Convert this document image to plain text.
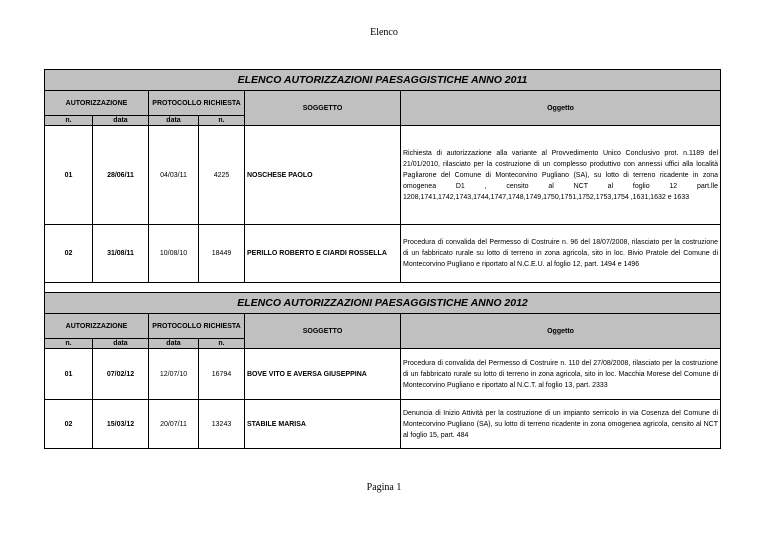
Elenco
ELENCO AUTORIZZAZIONI PAESAGGISTICHE ANNO 2011					
AUTORIZZAZIONE		PROTOCOLLO RICHIESTA		SOGGETTO	Oggetto
n.	data	data	n.		
01	28/06/11	04/03/11	4225	NOSCHESE PAOLO	Richiesta di autorizzazione alla variante al Provvedimento Unico Conclusivo prot. n.1189 del 21/01/2010, rilasciato per la costruzione di un complesso produttivo con annessi uffici alla località Pagliarone del Comune di Montecorvino Pugliano (SA), su lotto di terreno ricadente in zona omogenea D1 , censito al NCT al foglio 12 part.lle 1208,1741,1742,1743,1744,1747,1748,1749,1750,1751,1752,1753,1754 ,1631,1632 e 1633
02	31/08/11	10/08/10	18449	PERILLO ROBERTO E CIARDI ROSSELLA	Procedura di convalida del Permesso di Costruire n. 96 del 18/07/2008, rilasciato per la costruzione di un fabbricato rurale su lotto di terreno in zona agricola, sito in loc. Bivio Pratole del Comune di Montecorvino Pugliano e riportato al N.C.E.U. al foglio 12, part. 1494 e 1496

ELENCO AUTORIZZAZIONI PAESAGGISTICHE ANNO 2012					
AUTORIZZAZIONE		PROTOCOLLO RICHIESTA		SOGGETTO	Oggetto
n.	data	data	n.		
01	07/02/12	12/07/10	16794	BOVE VITO E AVERSA GIUSEPPINA	Procedura di convalida del Permesso di Costruire n. 110 del 27/08/2008, rilasciato per la costruzione di un fabbricato rurale su lotto di terreno in zona agricola, sito in loc. Macchia Morese del Comune di Montecorvino Pugliano e riportato al N.C.T. al foglio 13, part. 2333
02	15/03/12	20/07/11	13243	STABILE MARISA	Denuncia di Inizio Attività per la costruzione di un impianto serricolo in via Cosenza del Comune di Montecorvino Pugliano (SA), su lotto di terreno ricadente in zona omogenea agricola, censito al NCT al foglio 15, part. 484
Pagina 1
